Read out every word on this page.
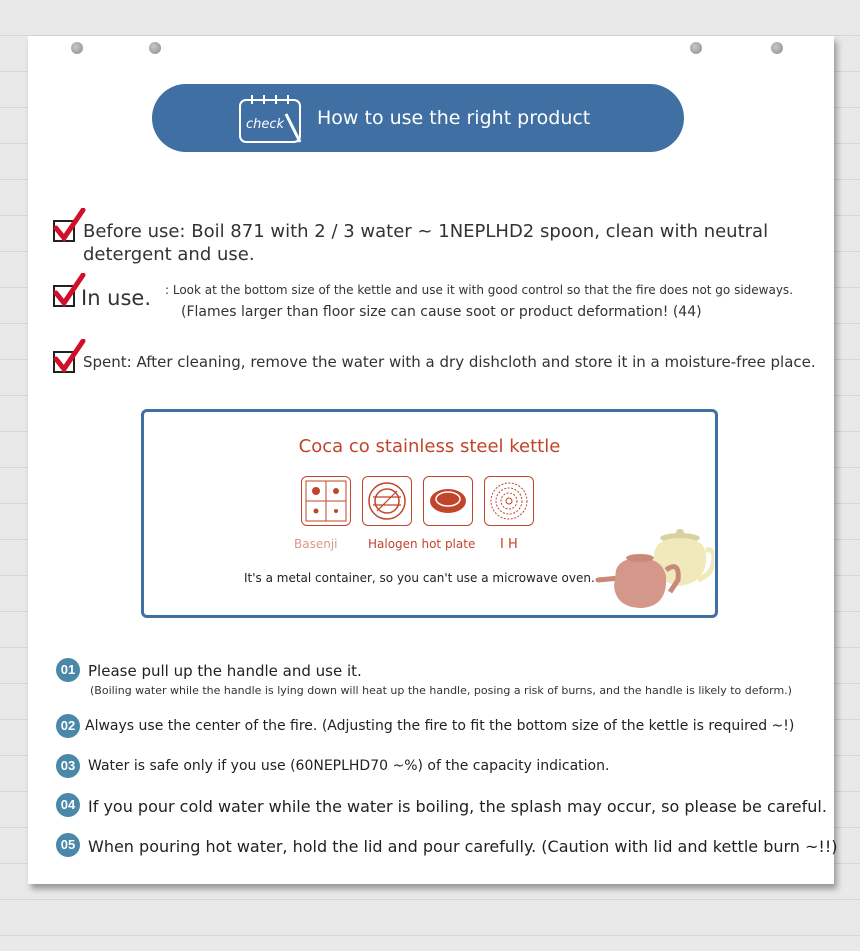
check How to use the right product
Before use: Boil 871 with 2 / 3 water ~ 1NEPLHD2 spoon, clean with neutral detergent and use.
In use. : Look at the bottom size of the kettle and use it with good control so that the fire does not go sideways.
(Flames larger than floor size can cause soot or product deformation! (44)
Spent: After cleaning, remove the water with a dry dishcloth and store it in a moisture-free place.
Coca co stainless steel kettle
Basenji	Halogen hot plate I H
It's a metal container, so you can't use a microwave oven.
01 Please pull up the handle and use it.
(Boiling water while the handle is lying down will heat up the handle, posing a risk of burns, and the handle is likely to deform.)
02 Always use the center of the fire. (Adjusting the fire to fit the bottom size of the kettle is required ~!)
03 Water is safe only if you use (60NEPLHD70 ~%) of the capacity indication.
04 If you pour cold water while the water is boiling, the splash may occur, so please be careful.
05 When pouring hot water, hold the lid and pour carefully. (Caution with lid and kettle burn ~!!)
